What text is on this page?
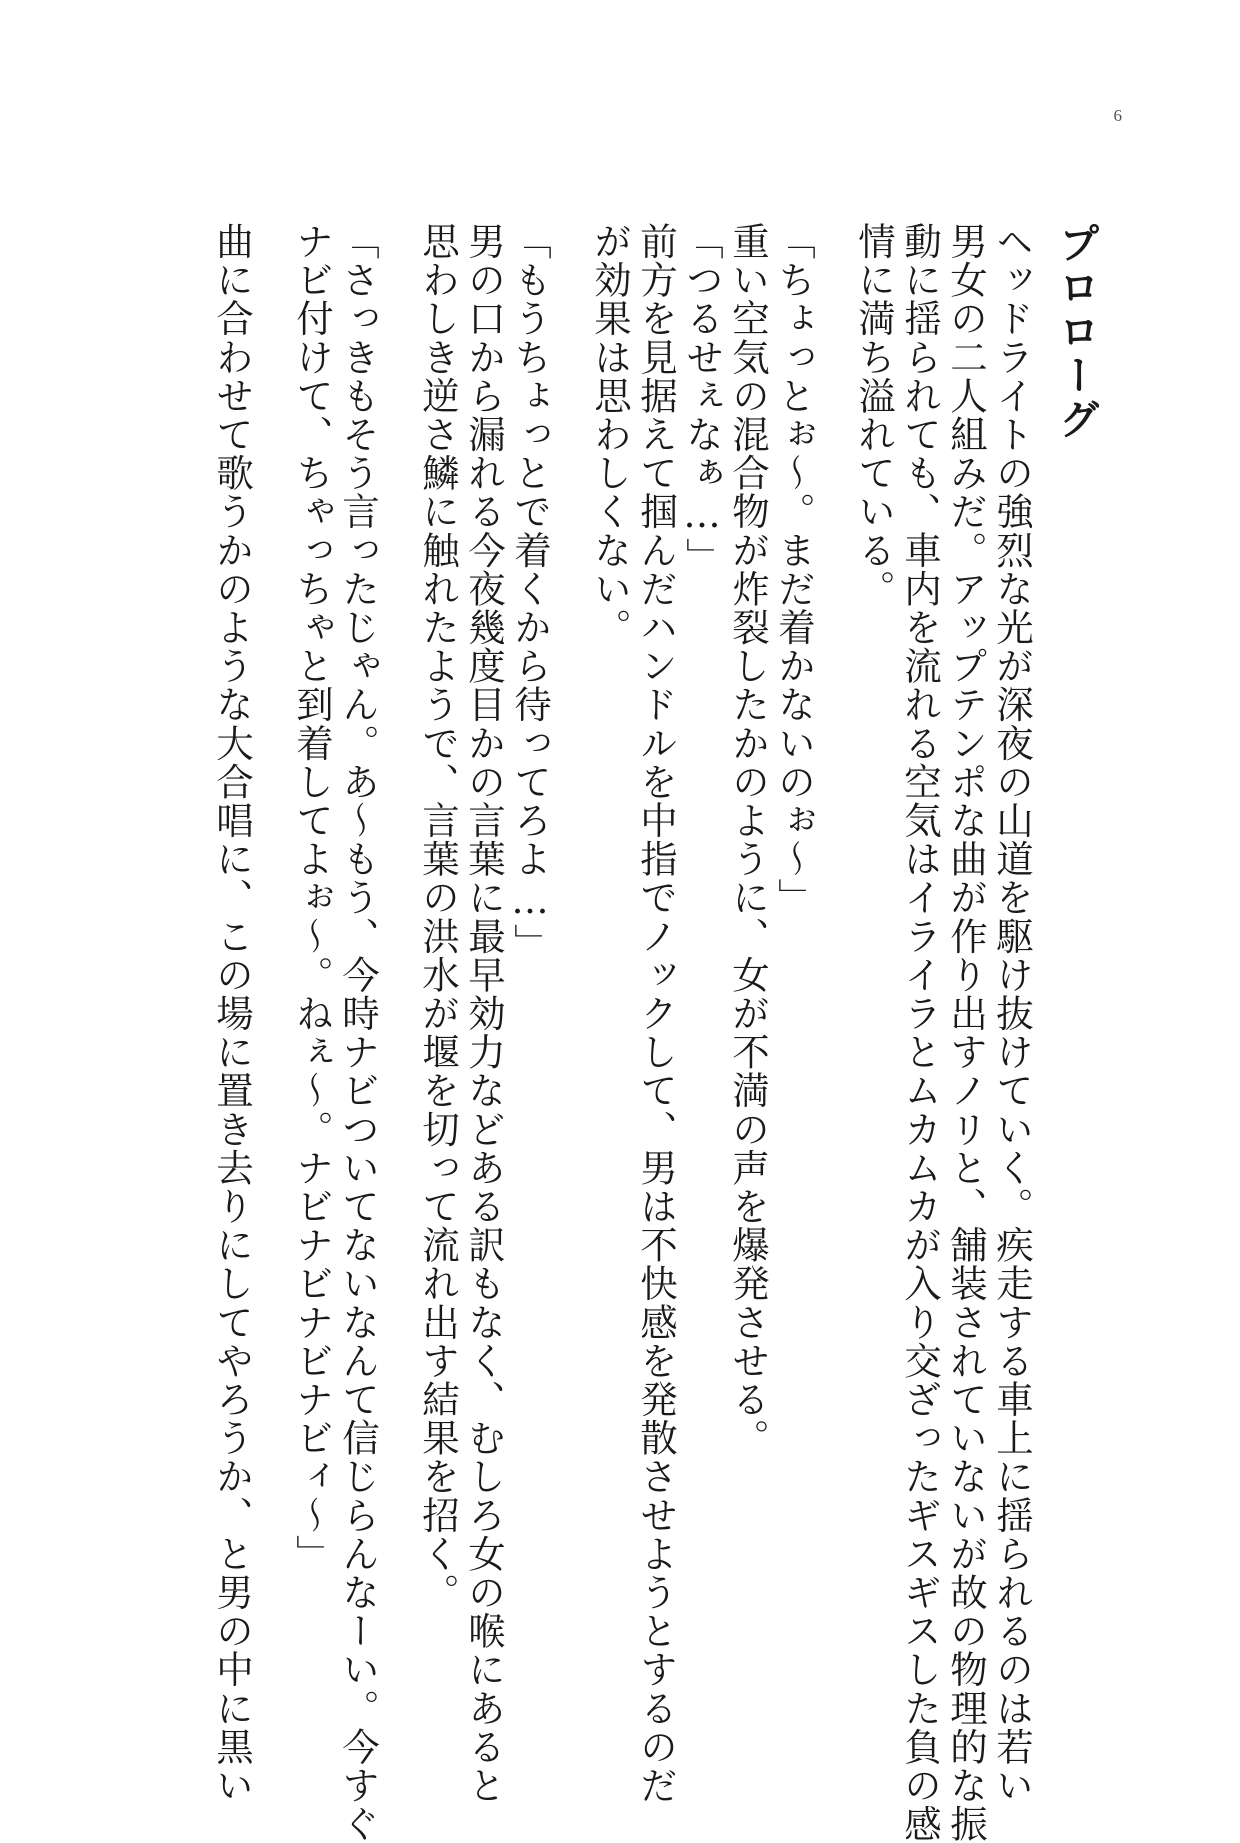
6
プロローグ
ヘッドライトの強烈な光が深夜の山道を駆け抜けていく。疾走する車上に揺られるのは若い
男女の二人組みだ。アップテンポな曲が作り出すノリと、舗装されていないが故の物理的な振
動に揺られても、車内を流れる空気はイライラとムカムカが入り交ざったギスギスした負の感
情に満ち溢れている。
「ちょっとぉ～。まだ着かないのぉ～」
重い空気の混合物が炸裂したかのように、女が不満の声を爆発させる。
「つるせぇなぁ…」
前方を見据えて掴んだハンドルを中指でノックして、男は不快感を発散させようとするのだ
が効果は思わしくない。
「もうちょっとで着くから待ってろよ…」
男の口から漏れる今夜幾度目かの言葉に最早効力などある訳もなく、むしろ女の喉にあると
思わしき逆さ鱗に触れたようで、言葉の洪水が堰を切って流れ出す結果を招く。
「さっきもそう言ったじゃん。あ～もう、今時ナビついてないなんて信じらんなーい。今すぐ
ナビ付けて、ちゃっちゃと到着してよぉ～。ねぇ～。ナビナビナビナビィ～」
曲に合わせて歌うかのような大合唱に、この場に置き去りにしてやろうか、と男の中に黒い
